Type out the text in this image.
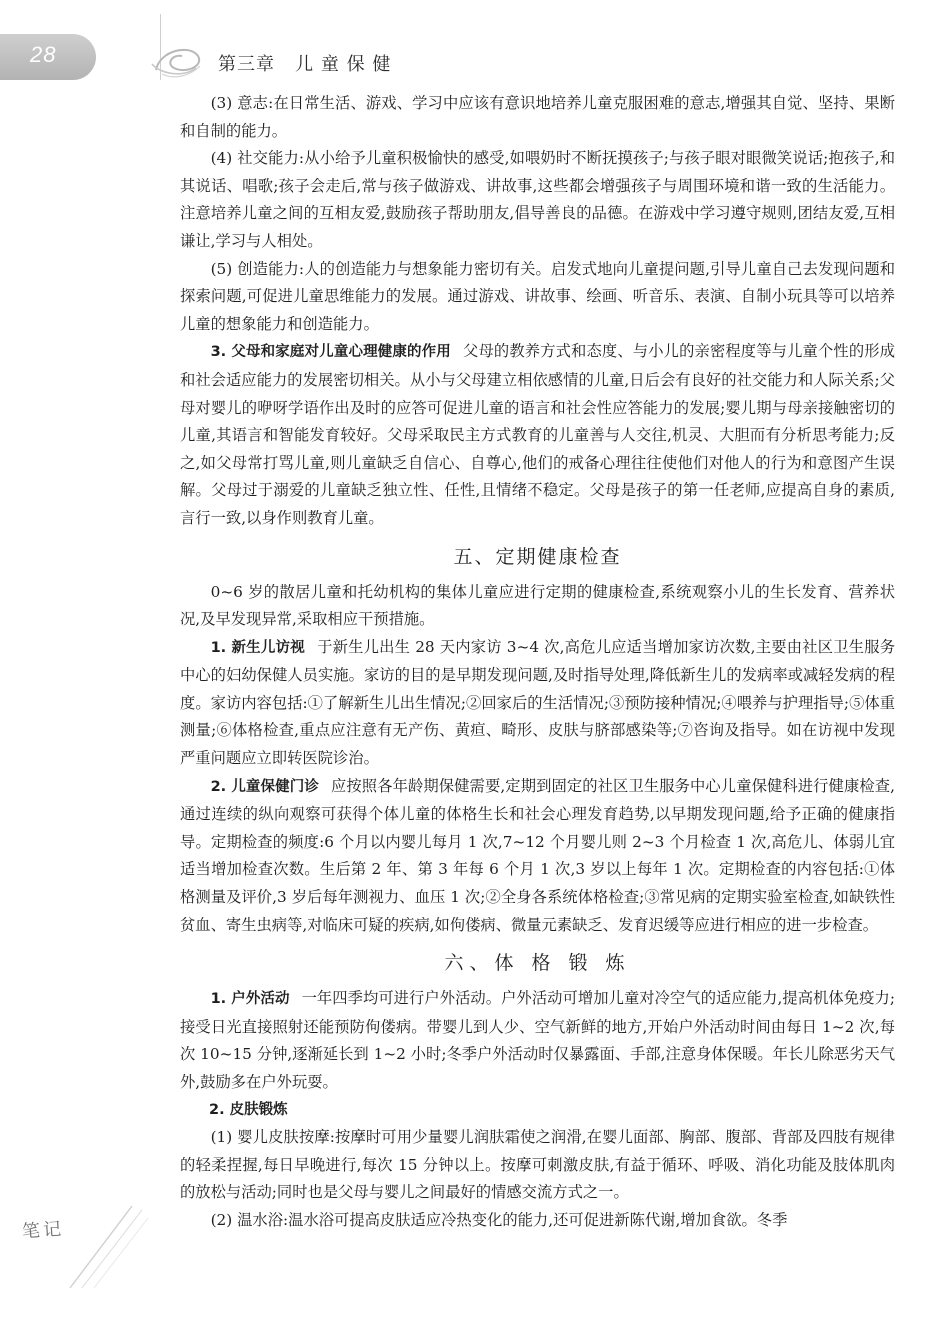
28	第三章   儿 童 保 健

(3) 意志:在日常生活、游戏、学习中应该有意识地培养儿童克服困难的意志,增强其自觉、坚持、果断和自制的能力。

(4) 社交能力:从小给予儿童积极愉快的感受,如喂奶时不断抚摸孩子;与孩子眼对眼微笑说话;抱孩子,和其说话、唱歌;孩子会走后,常与孩子做游戏、讲故事,这些都会增强孩子与周围环境和谐一致的生活能力。注意培养儿童之间的互相友爱,鼓励孩子帮助朋友,倡导善良的品德。在游戏中学习遵守规则,团结友爱,互相谦让,学习与人相处。

(5) 创造能力:人的创造能力与想象能力密切有关。启发式地向儿童提问题,引导儿童自己去发现问题和探索问题,可促进儿童思维能力的发展。通过游戏、讲故事、绘画、听音乐、表演、自制小玩具等可以培养儿童的想象能力和创造能力。

3. 父母和家庭对儿童心理健康的作用 父母的教养方式和态度、与小儿的亲密程度等与儿童个性的形成和社会适应能力的发展密切相关。从小与父母建立相依感情的儿童,日后会有良好的社交能力和人际关系;父母对婴儿的咿呀学语作出及时的应答可促进儿童的语言和社会性应答能力的发展;婴儿期与母亲接触密切的儿童,其语言和智能发育较好。父母采取民主方式教育的儿童善与人交往,机灵、大胆而有分析思考能力;反之,如父母常打骂儿童,则儿童缺乏自信心、自尊心,他们的戒备心理往往使他们对他人的行为和意图产生误解。父母过于溺爱的儿童缺乏独立性、任性,且情绪不稳定。父母是孩子的第一任老师,应提高自身的素质,言行一致,以身作则教育儿童。

五、定期健康检查

0~6 岁的散居儿童和托幼机构的集体儿童应进行定期的健康检查,系统观察小儿的生长发育、营养状况,及早发现异常,采取相应干预措施。

1. 新生儿访视 于新生儿出生 28 天内家访 3~4 次,高危儿应适当增加家访次数,主要由社区卫生服务中心的妇幼保健人员实施。家访的目的是早期发现问题,及时指导处理,降低新生儿的发病率或减轻发病的程度。家访内容包括:①了解新生儿出生情况;②回家后的生活情况;③预防接种情况;④喂养与护理指导;⑤体重测量;⑥体格检查,重点应注意有无产伤、黄疸、畸形、皮肤与脐部感染等;⑦咨询及指导。如在访视中发现严重问题应立即转医院诊治。

2. 儿童保健门诊 应按照各年龄期保健需要,定期到固定的社区卫生服务中心儿童保健科进行健康检查,通过连续的纵向观察可获得个体儿童的体格生长和社会心理发育趋势,以早期发现问题,给予正确的健康指导。定期检查的频度:6 个月以内婴儿每月 1 次,7~12 个月婴儿则 2~3 个月检查 1 次,高危儿、体弱儿宜适当增加检查次数。生后第 2 年、第 3 年每 6 个月 1 次,3 岁以上每年 1 次。定期检查的内容包括:①体格测量及评价,3 岁后每年测视力、血压 1 次;②全身各系统体格检查;③常见病的定期实验室检查,如缺铁性贫血、寄生虫病等,对临床可疑的疾病,如佝偻病、微量元素缺乏、发育迟缓等应进行相应的进一步检查。

六、体 格 锻 炼

1. 户外活动 一年四季均可进行户外活动。户外活动可增加儿童对冷空气的适应能力,提高机体免疫力;接受日光直接照射还能预防佝偻病。带婴儿到人少、空气新鲜的地方,开始户外活动时间由每日 1~2 次,每次 10~15 分钟,逐渐延长到 1~2 小时;冬季户外活动时仅暴露面、手部,注意身体保暖。年长儿除恶劣天气外,鼓励多在户外玩耍。

2. 皮肤锻炼

(1) 婴儿皮肤按摩:按摩时可用少量婴儿润肤霜使之润滑,在婴儿面部、胸部、腹部、背部及四肢有规律的轻柔捏握,每日早晚进行,每次 15 分钟以上。按摩可刺激皮肤,有益于循环、呼吸、消化功能及肢体肌肉的放松与活动;同时也是父母与婴儿之间最好的情感交流方式之一。

(2) 温水浴:温水浴可提高皮肤适应冷热变化的能力,还可促进新陈代谢,增加食欲。冬季

笔记
